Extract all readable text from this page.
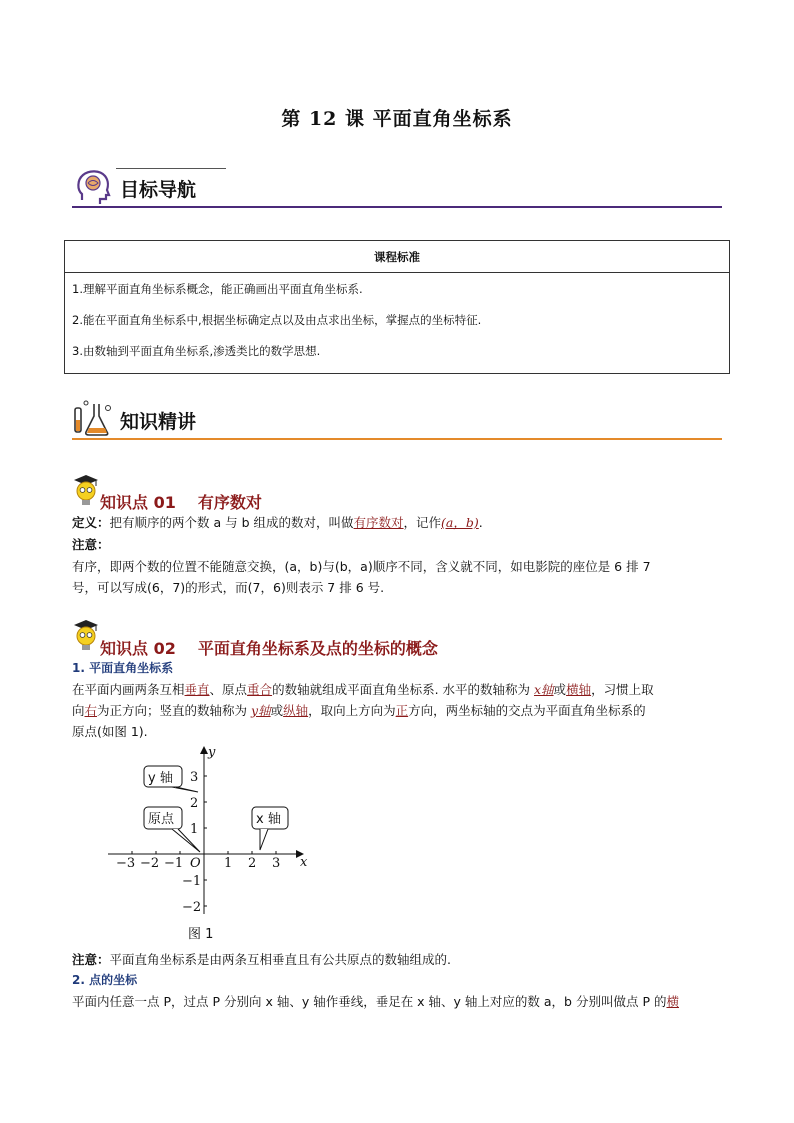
第 12 课 平面直角坐标系
目标导航
课程标准

1.理解平面直角坐标系概念，能正确画出平面直角坐标系.

2.能在平面直角坐标系中,根据坐标确定点以及由点求出坐标，掌握点的坐标特征.

3.由数轴到平面直角坐标系,渗透类比的数学思想.

知识精讲
知识点 01 有序数对
定义：把有顺序的两个数 a 与 b 组成的数对，叫做有序数对，记作(a，b).
注意：
有序，即两个数的位置不能随意交换，(a，b)与(b，a)顺序不同，含义就不同，如电影院的座位是 6 排 7
号，可以写成(6，7)的形式，而(7，6)则表示 7 排 6 号.
知识点 02 平面直角坐标系及点的坐标的概念
1. 平面直角坐标系
在平面内画两条互相垂直、原点重合的数轴就组成平面直角坐标系. 水平的数轴称为 x轴或横轴，习惯上取
向右为正方向；竖直的数轴称为 y轴或纵轴，取向上方向为正方向，两坐标轴的交点为平面直角坐标系的
原点(如图 1).
−3 −2 −1	1 2 3
3
2
1
−1
−2
O	x
y
y 轴
原点	x 轴
图 1
注意：平面直角坐标系是由两条互相垂直且有公共原点的数轴组成的.
2. 点的坐标
平面内任意一点 P，过点 P 分别向 x 轴、y 轴作垂线，垂足在 x 轴、y 轴上对应的数 a，b 分别叫做点 P 的横
